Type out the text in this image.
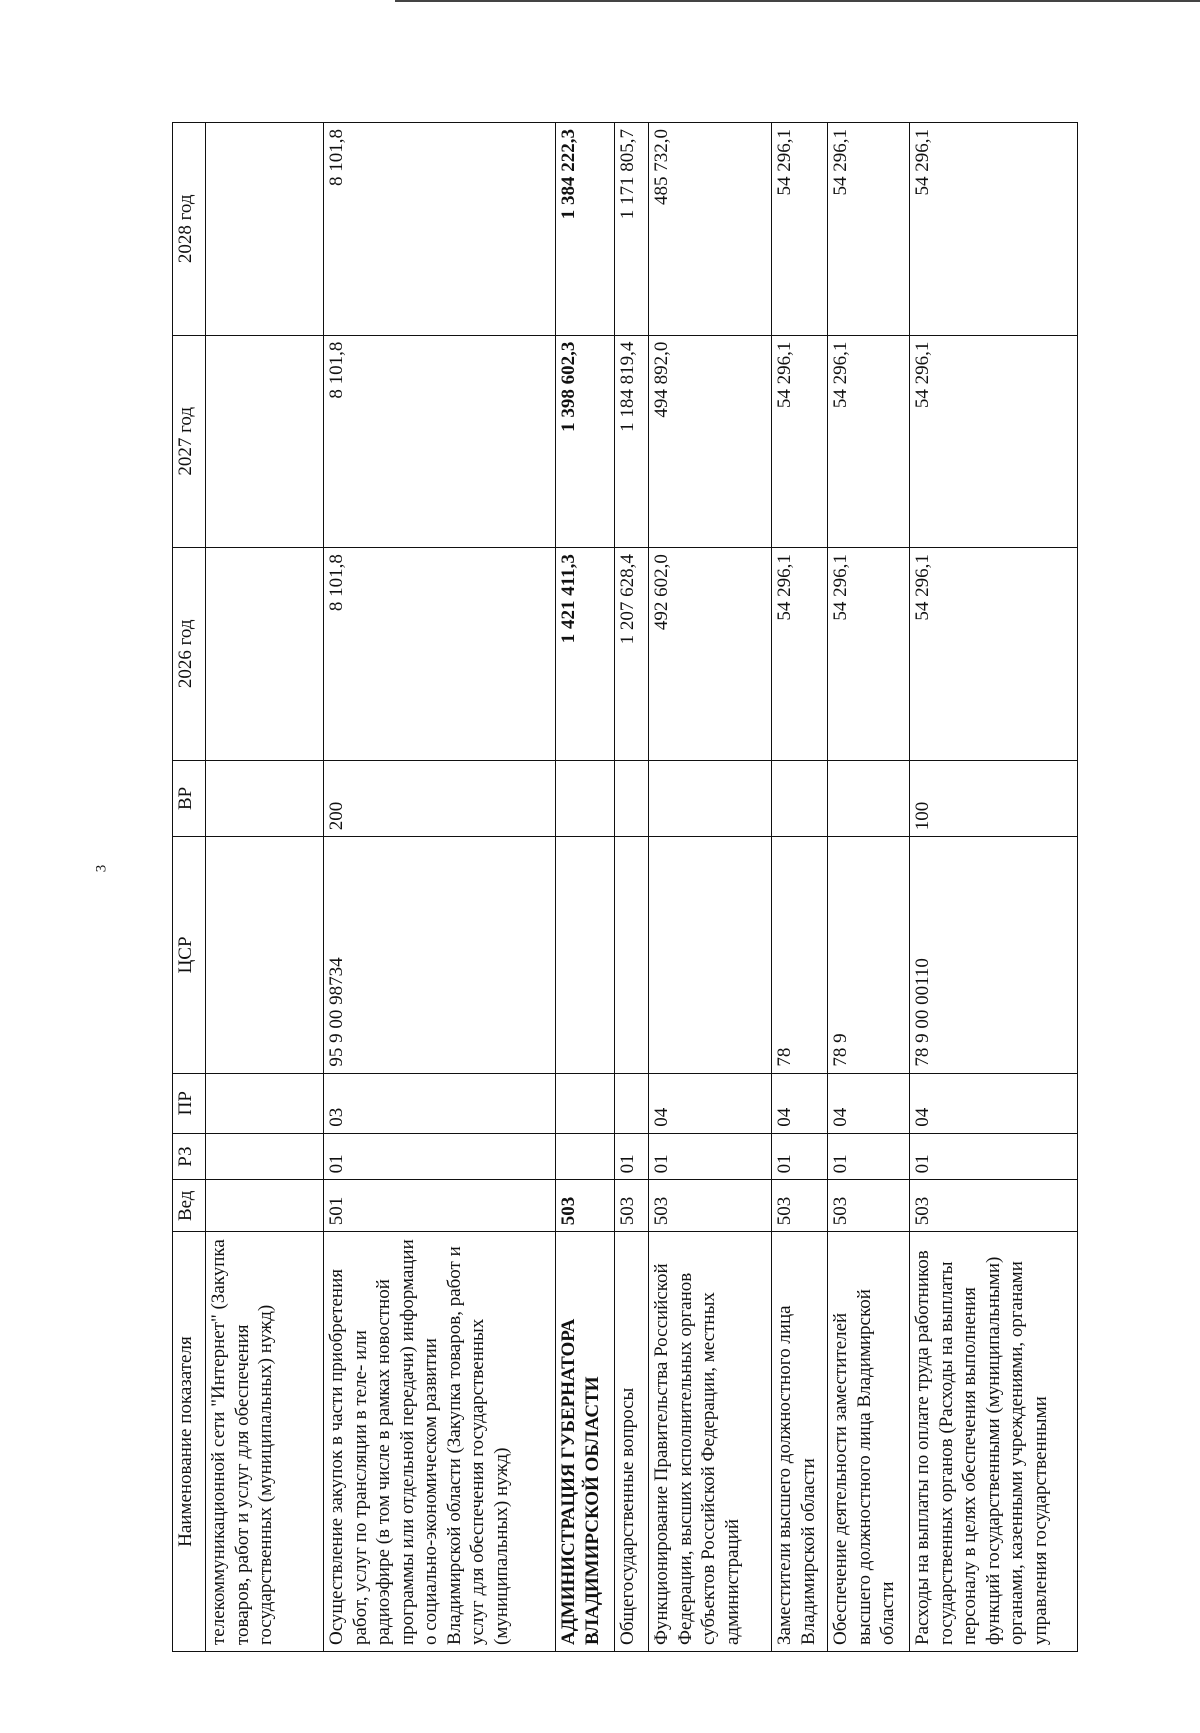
3
Наименование показателя	Вед	РЗ	ПР	ЦСР	ВР	2026 год	2027 год	2028 год
телекоммуникационной сети "Интернет" (Закупка товаров, работ и услуг для обеспечения государственных (муниципальных) нужд)								
Осуществление закупок в части приобретения работ, услуг по трансляции в теле- или радиоэфире (в том числе в рамках новостной программы или отдельной передачи) информации о социально-экономическом развитии Владимирской области (Закупка товаров, работ и услуг для обеспечения государственных (муниципальных) нужд)	501	01	03	95 9 00 98734	200	8 101,8	8 101,8	8 101,8
АДМИНИСТРАЦИЯ ГУБЕРНАТОРА ВЛАДИМИРСКОЙ ОБЛАСТИ	503					1 421 411,3	1 398 602,3	1 384 222,3
Общегосударственные вопросы	503	01				1 207 628,4	1 184 819,4	1 171 805,7
Функционирование Правительства Российской Федерации, высших исполнительных органов субъектов Российской Федерации, местных администраций	503	01	04			492 602,0	494 892,0	485 732,0
Заместители высшего должностного лица Владимирской области	503	01	04	78		54 296,1	54 296,1	54 296,1
Обеспечение деятельности заместителей высшего должностного лица Владимирской области	503	01	04	78 9		54 296,1	54 296,1	54 296,1
Расходы на выплаты по оплате труда работников государственных органов (Расходы на выплаты персоналу в целях обеспечения выполнения функций государственными (муниципальными) органами, казенными учреждениями, органами управления государственными	503	01	04	78 9 00 00110	100	54 296,1	54 296,1	54 296,1
